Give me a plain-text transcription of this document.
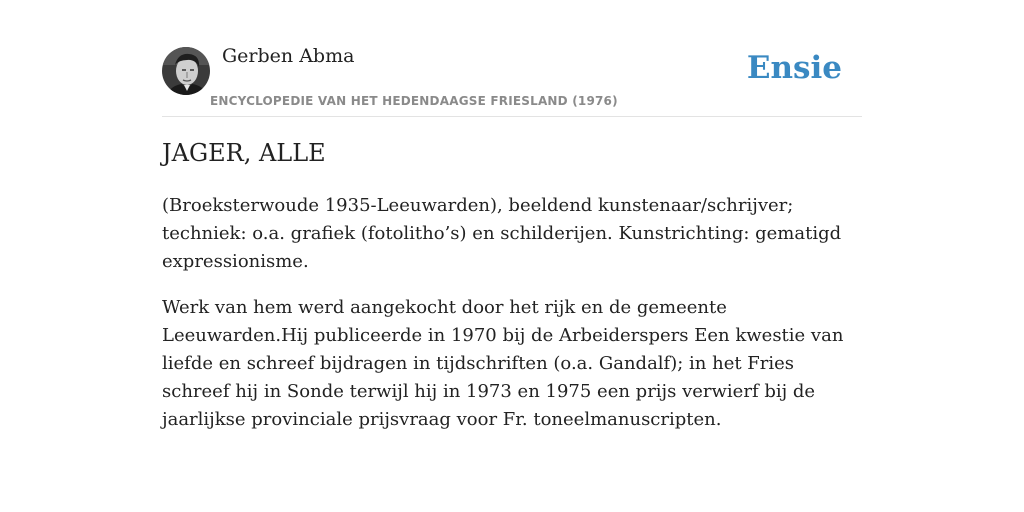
Gerben Abma
ENCYCLOPEDIE VAN HET HEDENDAAGSE FRIESLAND (1976)
Ensie
JAGER, ALLE

(Broeksterwoude 1935-Leeuwarden), beeldend kunstenaar/schrijver; techniek: o.a. grafiek (fotolitho’s) en schilderijen. Kunstrichting: gematigd expressionisme.

Werk van hem werd aangekocht door het rijk en de gemeente Leeuwarden.Hij publiceerde in 1970 bij de Arbeiderspers Een kwestie van liefde en schreef bijdragen in tijdschriften (o.a. Gandalf); in het Fries schreef hij in Sonde terwijl hij in 1973 en 1975 een prijs verwierf bij de jaarlijkse provinciale prijsvraag voor Fr. toneelmanuscripten.
